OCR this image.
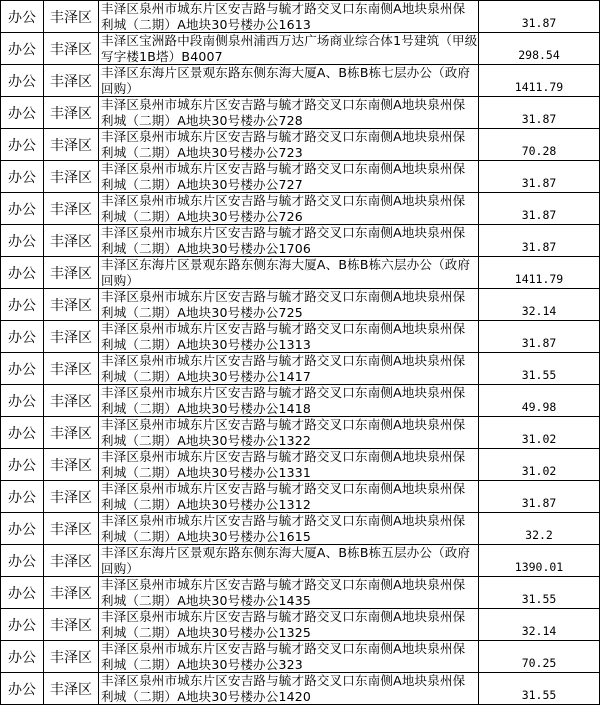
办公	丰泽区	丰泽区泉州市城东片区安吉路与毓才路交叉口东南侧A地块泉州保利城（二期）A地块30号楼办公1613	31.87
办公	丰泽区	丰泽区宝洲路中段南侧泉州浦西万达广场商业综合体1号建筑（甲级写字楼1B塔）B4007	298.54
办公	丰泽区	丰泽区东海片区景观东路东侧东海大厦A、B栋B栋七层办公（政府回购）	1411.79
办公	丰泽区	丰泽区泉州市城东片区安吉路与毓才路交叉口东南侧A地块泉州保利城（二期）A地块30号楼办公728	31.87
办公	丰泽区	丰泽区泉州市城东片区安吉路与毓才路交叉口东南侧A地块泉州保利城（二期）A地块30号楼办公723	70.28
办公	丰泽区	丰泽区泉州市城东片区安吉路与毓才路交叉口东南侧A地块泉州保利城（二期）A地块30号楼办公727	31.87
办公	丰泽区	丰泽区泉州市城东片区安吉路与毓才路交叉口东南侧A地块泉州保利城（二期）A地块30号楼办公726	31.87
办公	丰泽区	丰泽区泉州市城东片区安吉路与毓才路交叉口东南侧A地块泉州保利城（二期）A地块30号楼办公1706	31.87
办公	丰泽区	丰泽区东海片区景观东路东侧东海大厦A、B栋B栋六层办公（政府回购）	1411.79
办公	丰泽区	丰泽区泉州市城东片区安吉路与毓才路交叉口东南侧A地块泉州保利城（二期）A地块30号楼办公725	32.14
办公	丰泽区	丰泽区泉州市城东片区安吉路与毓才路交叉口东南侧A地块泉州保利城（二期）A地块30号楼办公1313	31.87
办公	丰泽区	丰泽区泉州市城东片区安吉路与毓才路交叉口东南侧A地块泉州保利城（二期）A地块30号楼办公1417	31.55
办公	丰泽区	丰泽区泉州市城东片区安吉路与毓才路交叉口东南侧A地块泉州保利城（二期）A地块30号楼办公1418	49.98
办公	丰泽区	丰泽区泉州市城东片区安吉路与毓才路交叉口东南侧A地块泉州保利城（二期）A地块30号楼办公1322	31.02
办公	丰泽区	丰泽区泉州市城东片区安吉路与毓才路交叉口东南侧A地块泉州保利城（二期）A地块30号楼办公1331	31.02
办公	丰泽区	丰泽区泉州市城东片区安吉路与毓才路交叉口东南侧A地块泉州保利城（二期）A地块30号楼办公1312	31.87
办公	丰泽区	丰泽区泉州市城东片区安吉路与毓才路交叉口东南侧A地块泉州保利城（二期）A地块30号楼办公1615	32.2
办公	丰泽区	丰泽区东海片区景观东路东侧东海大厦A、B栋B栋五层办公（政府回购）	1390.01
办公	丰泽区	丰泽区泉州市城东片区安吉路与毓才路交叉口东南侧A地块泉州保利城（二期）A地块30号楼办公1435	31.55
办公	丰泽区	丰泽区泉州市城东片区安吉路与毓才路交叉口东南侧A地块泉州保利城（二期）A地块30号楼办公1325	32.14
办公	丰泽区	丰泽区泉州市城东片区安吉路与毓才路交叉口东南侧A地块泉州保利城（二期）A地块30号楼办公323	70.25
办公	丰泽区	丰泽区泉州市城东片区安吉路与毓才路交叉口东南侧A地块泉州保利城（二期）A地块30号楼办公1420	31.55
